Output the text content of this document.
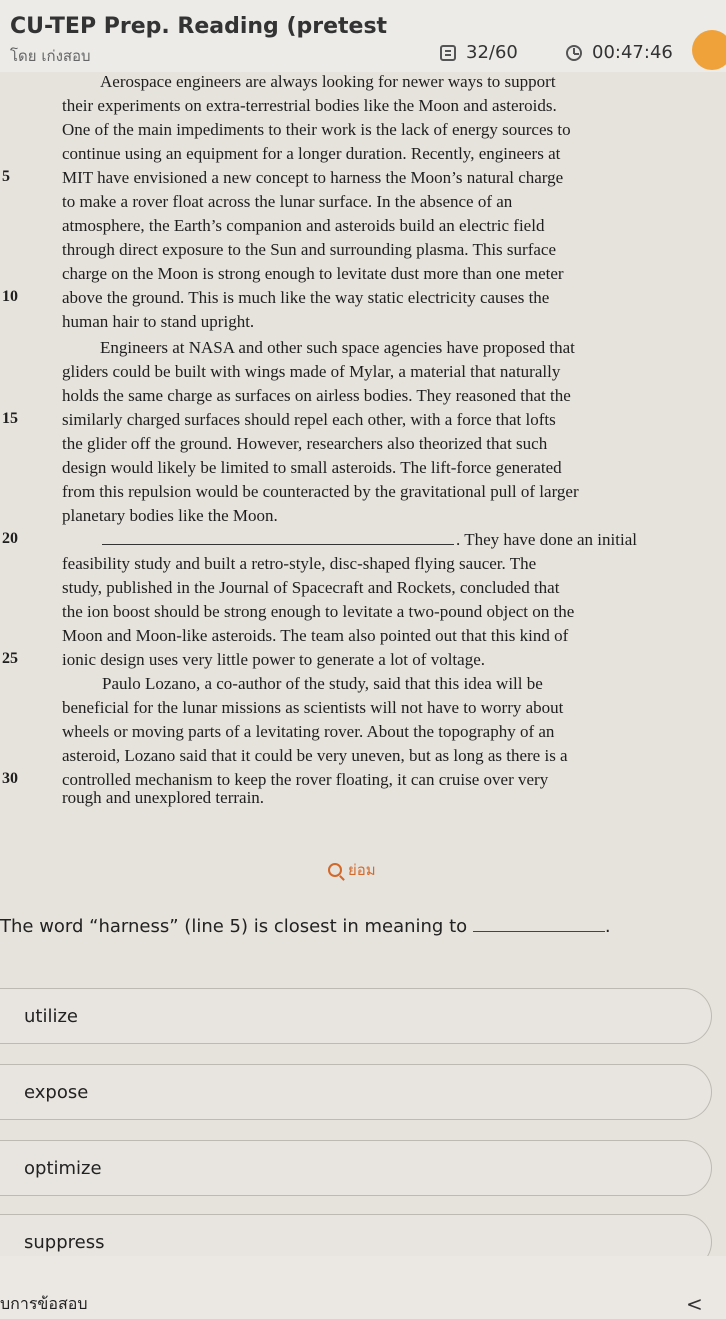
CU-TEP Prep. Reading (pretest
โดย เก่งสอบ	32/60	00:47:46
Aerospace engineers are always looking for newer ways to support
their experiments on extra-terrestrial bodies like the Moon and asteroids.
One of the main impediments to their work is the lack of energy sources to
continue using an equipment for a longer duration. Recently, engineers at
5	MIT have envisioned a new concept to harness the Moon’s natural charge
to make a rover float across the lunar surface. In the absence of an
atmosphere, the Earth’s companion and asteroids build an electric field
through direct exposure to the Sun and surrounding plasma. This surface
charge on the Moon is strong enough to levitate dust more than one meter
10	above the ground. This is much like the way static electricity causes the
human hair to stand upright.
Engineers at NASA and other such space agencies have proposed that
gliders could be built with wings made of Mylar, a material that naturally
holds the same charge as surfaces on airless bodies. They reasoned that the
15	similarly charged surfaces should repel each other, with a force that lofts
the glider off the ground. However, researchers also theorized that such
design would likely be limited to small asteroids. The lift-force generated
from this repulsion would be counteracted by the gravitational pull of larger
planetary bodies like the Moon.
20	. They have done an initial
feasibility study and built a retro-style, disc-shaped flying saucer. The
study, published in the Journal of Spacecraft and Rockets, concluded that
the ion boost should be strong enough to levitate a two-pound object on the
Moon and Moon-like asteroids. The team also pointed out that this kind of
25	ionic design uses very little power to generate a lot of voltage.
Paulo Lozano, a co-author of the study, said that this idea will be
beneficial for the lunar missions as scientists will not have to worry about
wheels or moving parts of a levitating rover. About the topography of an
asteroid, Lozano said that it could be very uneven, but as long as there is a
30	controlled mechanism to keep the rover floating, it can cruise over very
rough and unexplored terrain.
ย่อม
The word “harness” (line 5) is closest in meaning to	.
utilize
expose
optimize
suppress
บการข้อสอบ	<
